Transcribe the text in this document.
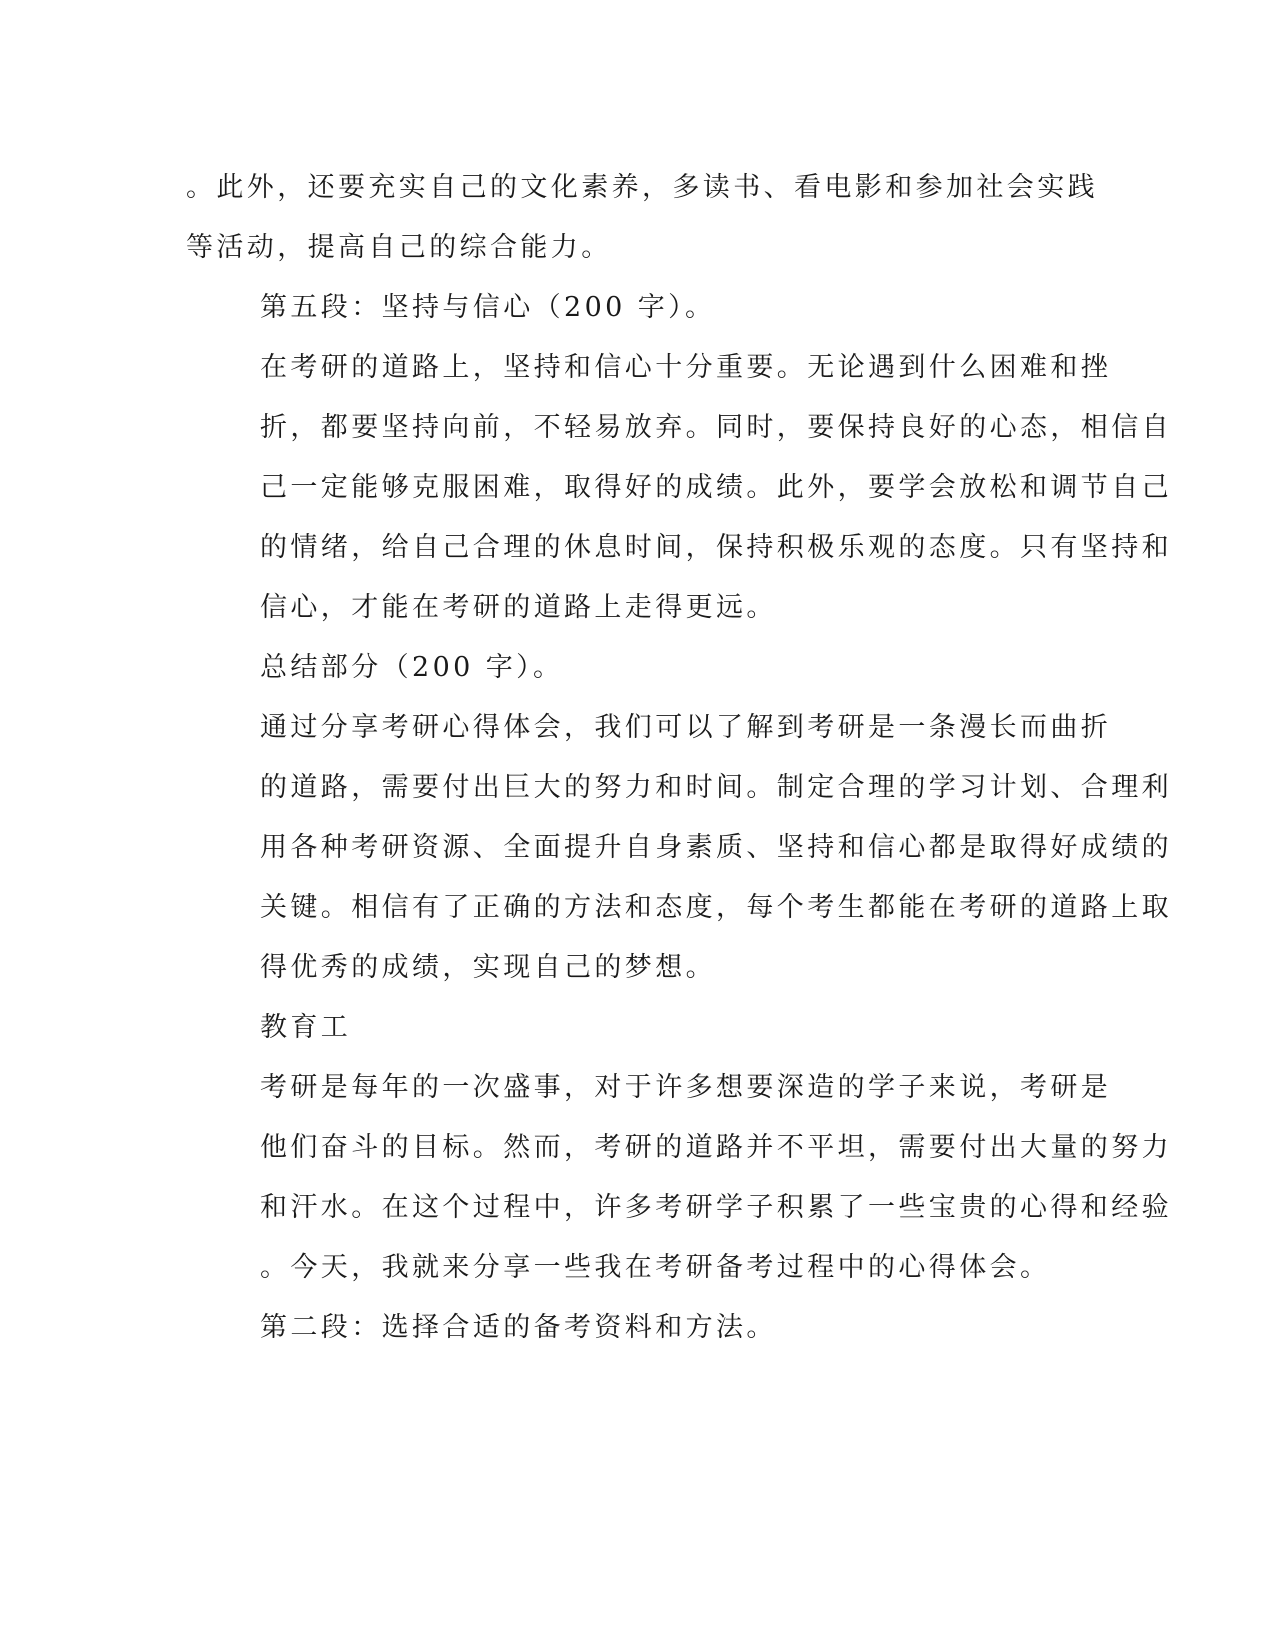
。此外，还要充实自己的文化素养，多读书、看电影和参加社会实践
等活动，提高自己的综合能力。

第五段：坚持与信心（200 字）。

在考研的道路上，坚持和信心十分重要。无论遇到什么困难和挫
折，都要坚持向前，不轻易放弃。同时，要保持良好的心态，相信自
己一定能够克服困难，取得好的成绩。此外，要学会放松和调节自己
的情绪，给自己合理的休息时间，保持积极乐观的态度。只有坚持和
信心，才能在考研的道路上走得更远。

总结部分（200 字）。

通过分享考研心得体会，我们可以了解到考研是一条漫长而曲折
的道路，需要付出巨大的努力和时间。制定合理的学习计划、合理利
用各种考研资源、全面提升自身素质、坚持和信心都是取得好成绩的
关键。相信有了正确的方法和态度，每个考生都能在考研的道路上取
得优秀的成绩，实现自己的梦想。

教育工

考研是每年的一次盛事，对于许多想要深造的学子来说，考研是
他们奋斗的目标。然而，考研的道路并不平坦，需要付出大量的努力
和汗水。在这个过程中，许多考研学子积累了一些宝贵的心得和经验
。今天，我就来分享一些我在考研备考过程中的心得体会。

第二段：选择合适的备考资料和方法。
